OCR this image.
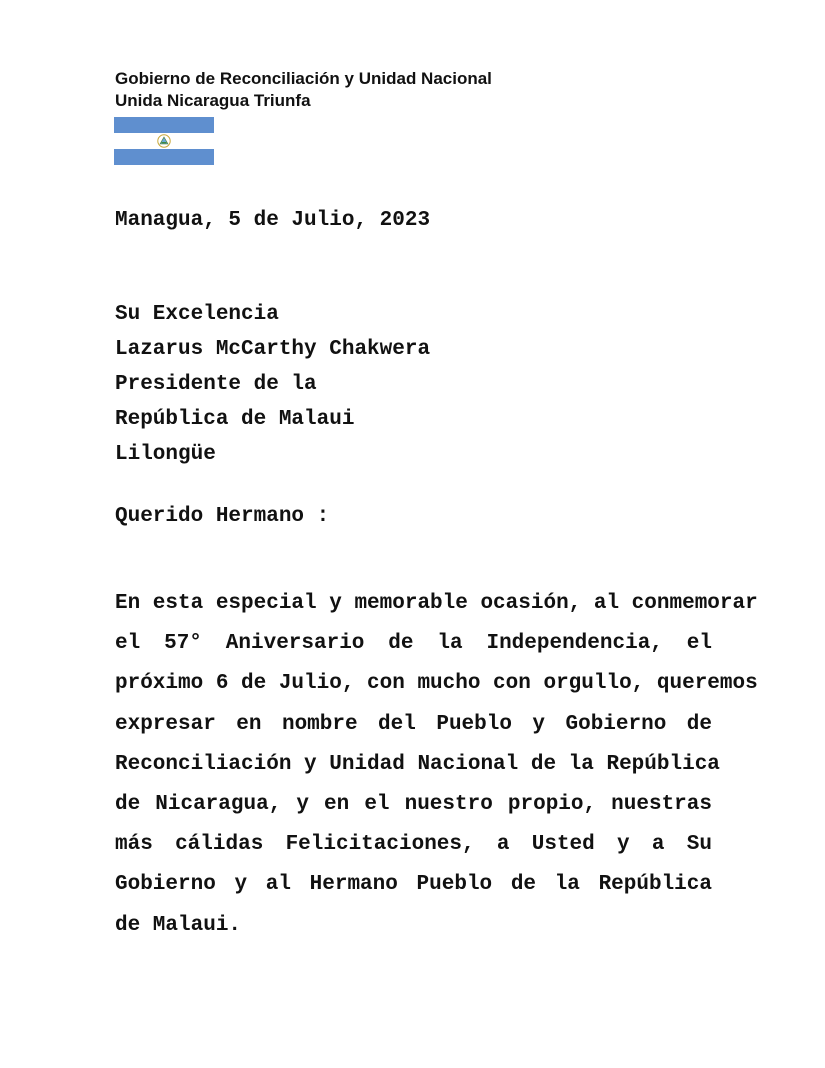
Gobierno de Reconciliación y Unidad Nacional
Unida Nicaragua Triunfa
Managua, 5 de Julio, 2023
Su Excelencia
Lazarus McCarthy Chakwera
Presidente de la
República de Malaui
Lilongüe
Querido Hermano :
En esta especial y memorable ocasión, al conmemorar
el 57° Aniversario de la Independencia, el
próximo 6 de Julio, con mucho con orgullo, queremos
expresar en nombre del Pueblo y Gobierno de
Reconciliación y Unidad Nacional de la República
de Nicaragua, y en el nuestro propio, nuestras
más cálidas Felicitaciones, a Usted y a Su
Gobierno y al Hermano Pueblo de la República
de Malaui.
